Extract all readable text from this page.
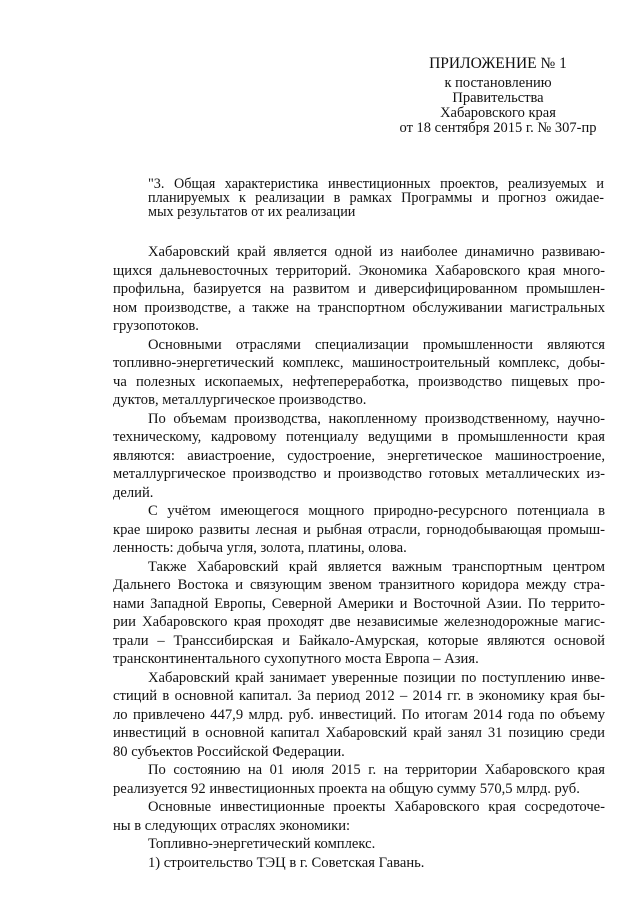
ПРИЛОЖЕНИЕ № 1
к постановлению
Правительства
Хабаровского края
от 18 сентября 2015 г. № 307-пр
"3. Общая характеристика инвестиционных проектов, реализуемых и
планируемых к реализации в рамках Программы и прогноз ожидае-
мых результатов от их реализации
Хабаровский край является одной из наиболее динамично развиваю-
щихся дальневосточных территорий. Экономика Хабаровского края много-
профильна, базируется на развитом и диверсифицированном промышлен-
ном производстве, а также на транспортном обслуживании магистральных
грузопотоков.
Основными отраслями специализации промышленности являются
топливно-энергетический комплекс, машиностроительный комплекс, добы-
ча полезных ископаемых, нефтепереработка, производство пищевых про-
дуктов, металлургическое производство.
По объемам производства, накопленному производственному, научно-
техническому, кадровому потенциалу ведущими в промышленности края
являются: авиастроение, судостроение, энергетическое машиностроение,
металлургическое производство и производство готовых металлических из-
делий.
С учётом имеющегося мощного природно-ресурсного потенциала в
крае широко развиты лесная и рыбная отрасли, горнодобывающая промыш-
ленность: добыча угля, золота, платины, олова.
Также Хабаровский край является важным транспортным центром
Дальнего Востока и связующим звеном транзитного коридора между стра-
нами Западной Европы, Северной Америки и Восточной Азии. По террито-
рии Хабаровского края проходят две независимые железнодорожные магис-
трали – Транссибирская и Байкало-Амурская, которые являются основой
трансконтинентального сухопутного моста Европа – Азия.
Хабаровский край занимает уверенные позиции по поступлению инве-
стиций в основной капитал. За период 2012 – 2014 гг. в экономику края бы-
ло привлечено 447,9 млрд. руб. инвестиций. По итогам 2014 года по объему
инвестиций в основной капитал Хабаровский край занял 31 позицию среди
80 субъектов Российской Федерации.
По состоянию на 01 июля 2015 г. на территории Хабаровского края
реализуется 92 инвестиционных проекта на общую сумму 570,5 млрд. руб.
Основные инвестиционные проекты Хабаровского края сосредоточе-
ны в следующих отраслях экономики:
Топливно-энергетический комплекс.
1) строительство ТЭЦ в г. Советская Гавань.
